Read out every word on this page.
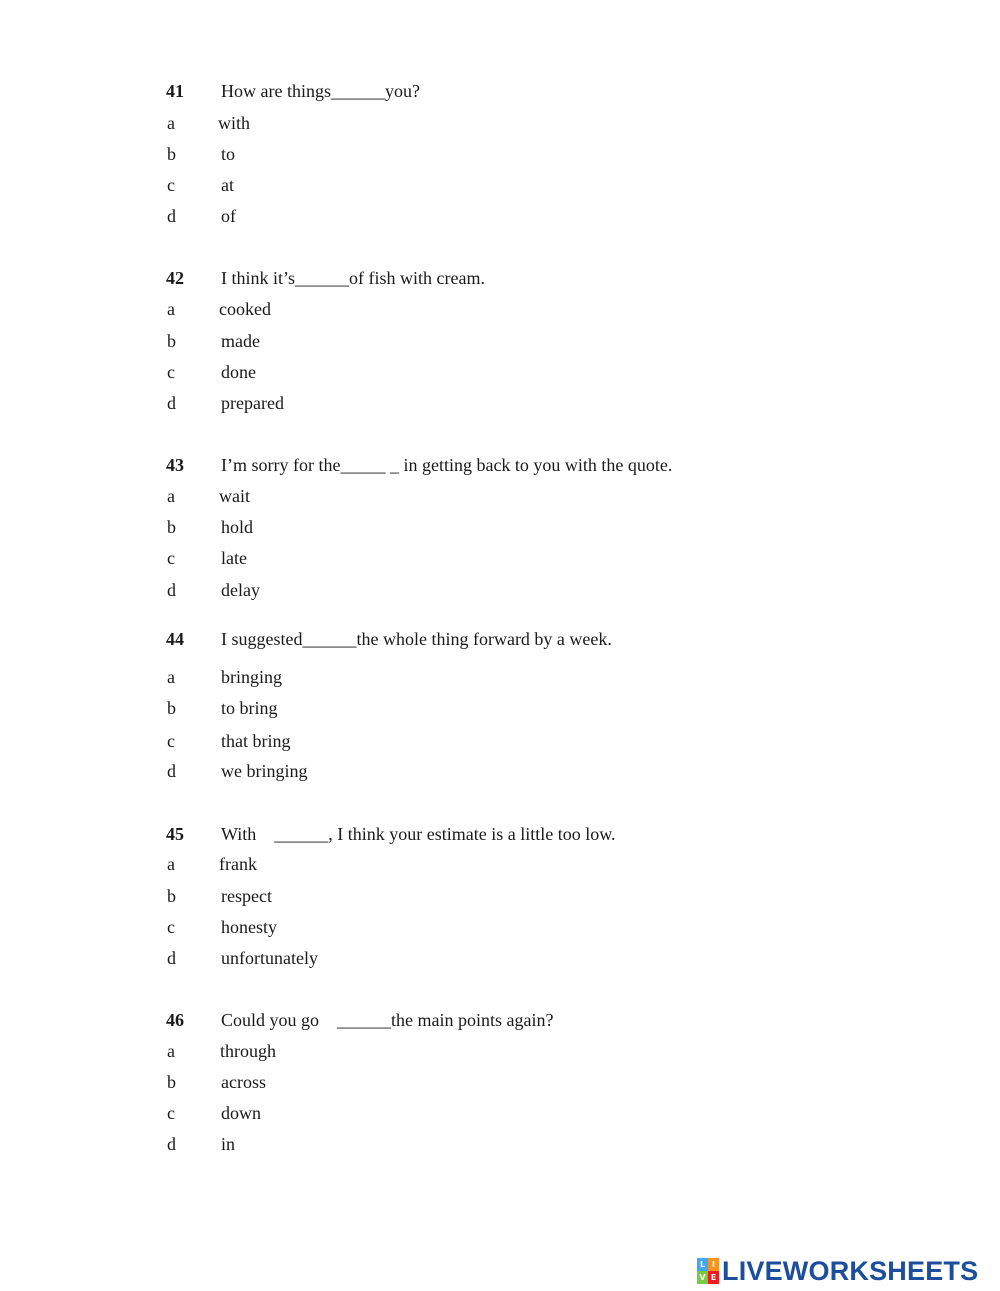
41 How are things______you?
a with
b	to
c	at
d	of
42 I think it’s______of fish with cream.
a cooked
b	made
c	done
d	prepared
43 I’m sorry for the_____ _ in getting back to you with the quote.
a wait
b	hold
c	late
d	delay
44 I suggested______the whole thing forward by a week.
a	bringing
b	to bring
c	that bring
d	we bringing
45 With    ______, I think your estimate is a little too low.
a frank
b	respect
c	honesty
d	unfortunately
46 Could you go    ______the main points again?
a	through
b	across
c	down
d	in
L I
V E LIVEWORKSHEETS
